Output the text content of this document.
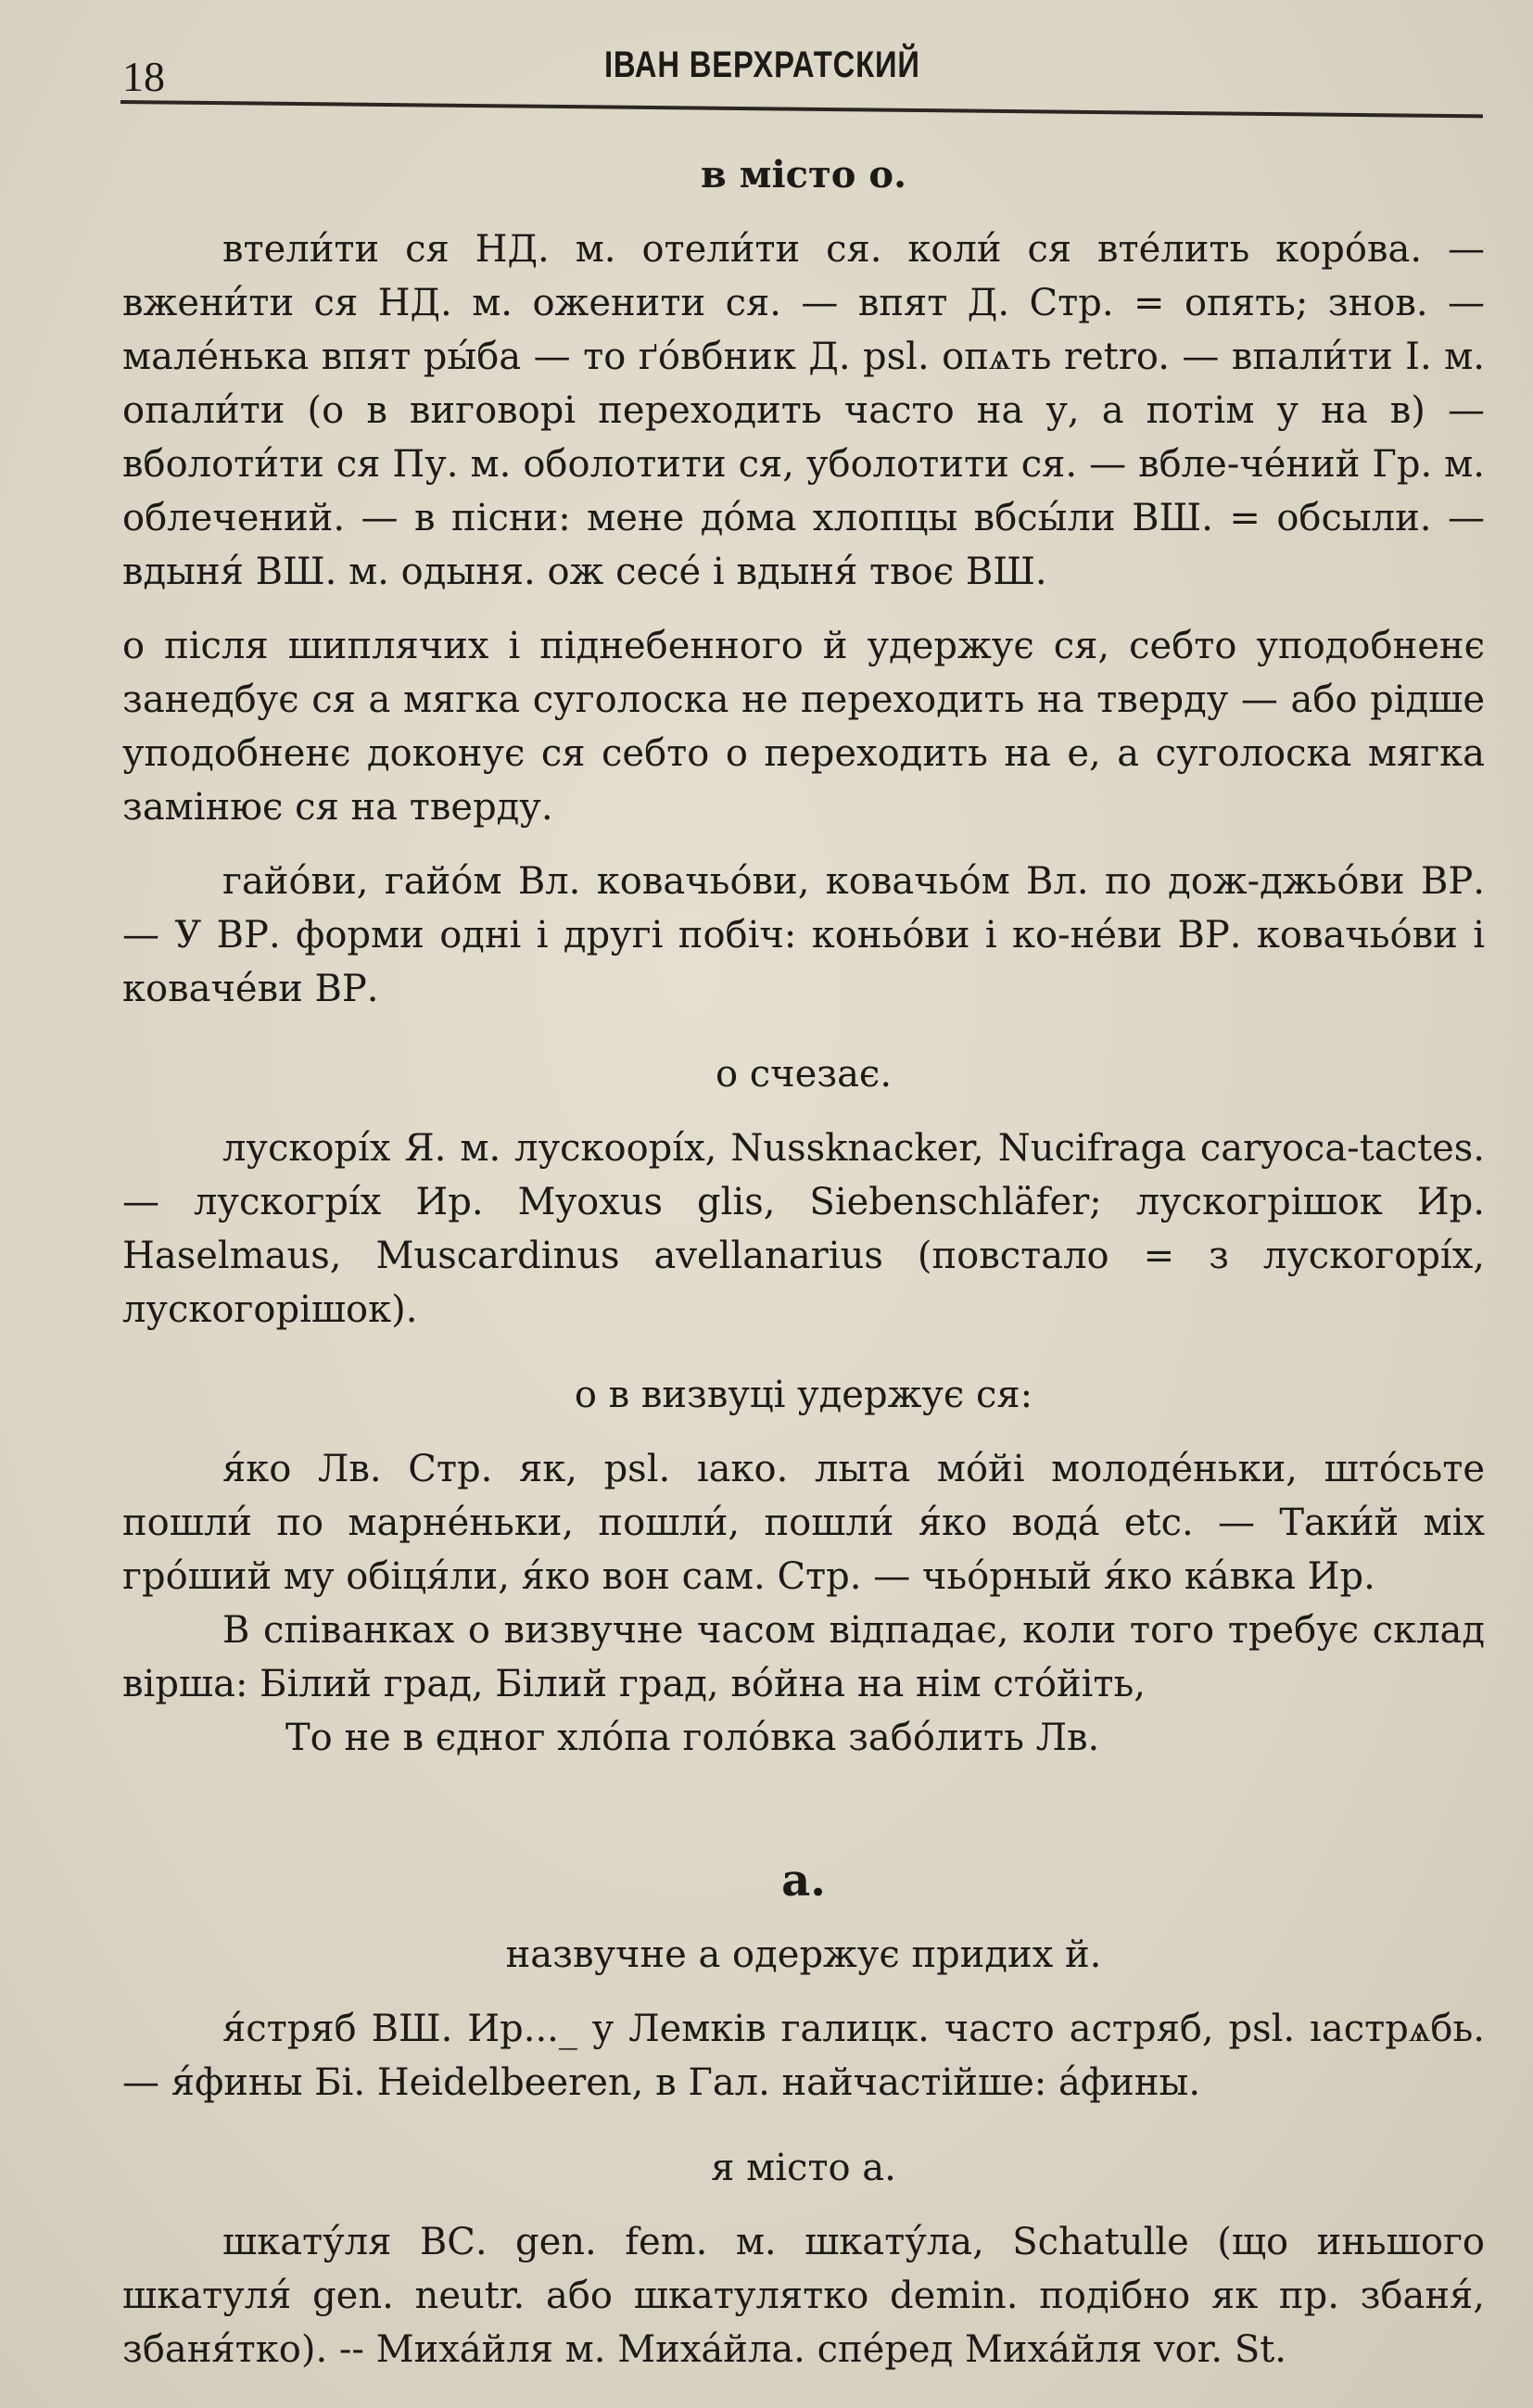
18	ІВАН ВЕРХРАТСКИЙ
в місто о.

втели́ти ся НД. м. отели́ти ся. коли́ ся вте́лить коро́ва. — вжени́ти ся НД. м. оженити ся. — впят Д. Стр. = опять; знов. — мале́нька впят ры́ба — то ґо́вбник Д. psl. опѧть retro. — впали́ти І. м. опали́ти (о в виговорі переходить часто на у, а потім у на в) — вболоти́ти ся Пу. м. оболотити ся, уболотити ся. — вбле-че́ний Гр. м. облечений. — в пісни: мене до́ма хлопцы вбсы́ли ВШ. = обсыли. — вдыня́ ВШ. м. одыня. ож сесе́ і вдыня́ твоє ВШ.

о після шиплячих і піднебенного й удержує ся, себто уподобненє занедбує ся а мягка суголоска не переходить на тверду — або рідше уподобненє доконує ся себто о переходить на е, а суголоска мягка замінює ся на тверду.

гайо́ви, гайо́м Вл. ковачьо́ви, ковачьо́м Вл. по дож-джьо́ви ВР. — У ВР. форми одні і другі побіч: коньо́ви і ко-не́ви ВР. ковачьо́ви і коваче́ви ВР.

о счезає.

лускорі́х Я. м. лускоорíх, Nussknacker, Nucifraga caryoca-tactes. — лускогрíх Ир. Myoxus glis, Siebenschläfer; лускогрішок Ир. Haselmaus, Muscardinus avellanarius (повстало = з лускогорíх, лускогорішок).

о в визвуці удержує ся:

я́ко Лв. Стр. як, psl. ıако. лыта мо́йі молоде́ньки, што́сьте пошли́ по марне́ньки, пошли́, пошли́ я́ко вода́ etc. — Таки́й міх гро́ший му обіця́ли, я́ко вон сам. Стр. — чьо́рный я́ко ка́вка Ир.

В співанках о визвучне часом відпадає, коли того требує склад вірша: Білий град, Білий град, во́йна на нім сто́йіть,

То не в єдног хло́па голо́вка забо́лить Лв.

а.
назвучне а одержує придих й.

я́стряб ВШ. Ир..._ у Лемків галицк. часто астряб, psl. ıастрѧбь. — я́фины Бі. Heidelbeeren, в Гал. найчастійше: а́фины.

я місто а.

шкату́ля ВС. gen. fem. м. шкату́ла, Schatulle (що иньшого шкатуля́ gen. neutr. або шкатулятко demin. подібно як пр. збаня́, збаня́тко). -- Миха́йля м. Миха́йла. спе́ред Миха́йля vor. St.
